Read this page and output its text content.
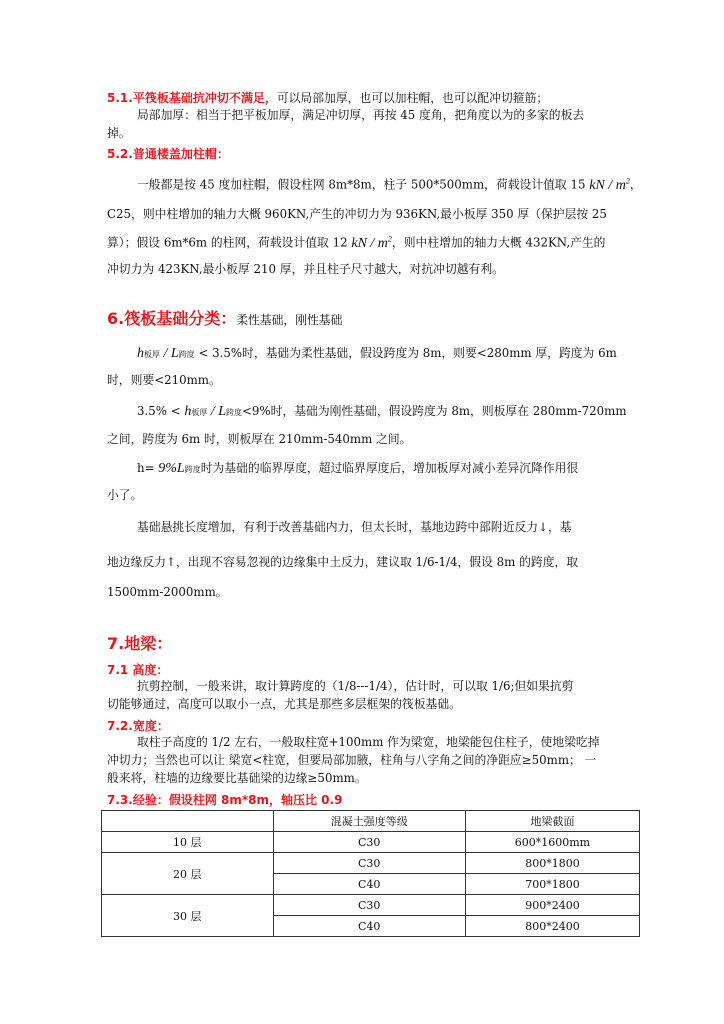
5.1.平筏板基础抗冲切不满足，可以局部加厚，也可以加柱帽，也可以配冲切箍筋；
局部加厚：相当于把平板加厚，满足冲切厚，再按 45 度角，把角度以为的多家的板去
掉。
5.2.普通楼盖加柱帽：
一般都是按 45 度加柱帽，假设柱网 8m*8m，柱子 500*500mm，荷载设计值取 15 kN / $m^2$，
C25，则中柱增加的轴力大概 960KN,产生的冲切力为 936KN,最小板厚 350 厚（保护层按 25
算）；假设 6m*6m 的柱网，荷载设计值取 12 kN / $m^2$，则中柱增加的轴力大概 432KN,产生的
冲切力为 423KN,最小板厚 210 厚，并且柱子尺寸越大，对抗冲切越有利。
6.筏板基础分类：柔性基础，刚性基础
h板厚 / L跨度 < 3.5%时，基础为柔性基础，假设跨度为 8m，则要<280mm 厚，跨度为 6m
时，则要<210mm。
3.5% < h板厚 / L跨度<9%时，基础为刚性基础，假设跨度为 8m，则板厚在 280mm-720mm
之间，跨度为 6m 时，则板厚在 210mm-540mm 之间。
h= 9%L跨度时为基础的临界厚度，超过临界厚度后，增加板厚对减小差异沉降作用很
小了。
基础悬挑长度增加，有利于改善基础内力，但太长时，基地边跨中部附近反力↓，基
地边缘反力↑，出现不容易忽视的边缘集中土反力，建议取 1/6-1/4，假设 8m 的跨度，取
1500mm-2000mm。
7.地梁：
7.1 高度：
抗剪控制，一般来讲，取计算跨度的（1/8---1/4），估计时，可以取 1/6;但如果抗剪
切能够通过，高度可以取小一点，尤其是那些多层框架的筏板基础。
7.2.宽度：
取柱子高度的 1/2 左右，一般取柱宽+100mm 作为梁宽，地梁能包住柱子，使地梁吃掉
冲切力；当然也可以让 梁宽<柱宽，但要局部加腋，柱角与八字角之间的净距应≥50mm； 一
般来将，柱墙的边缘要比基础梁的边缘≥50mm。
7.3.经验：假设柱网 8m*8m，轴压比 0.9
	混凝土强度等级	地梁截面
10 层	C30	600*1600mm
20 层	C30	800*1800
	C40	700*1800
30 层	C30	900*2400
	C40	800*2400
